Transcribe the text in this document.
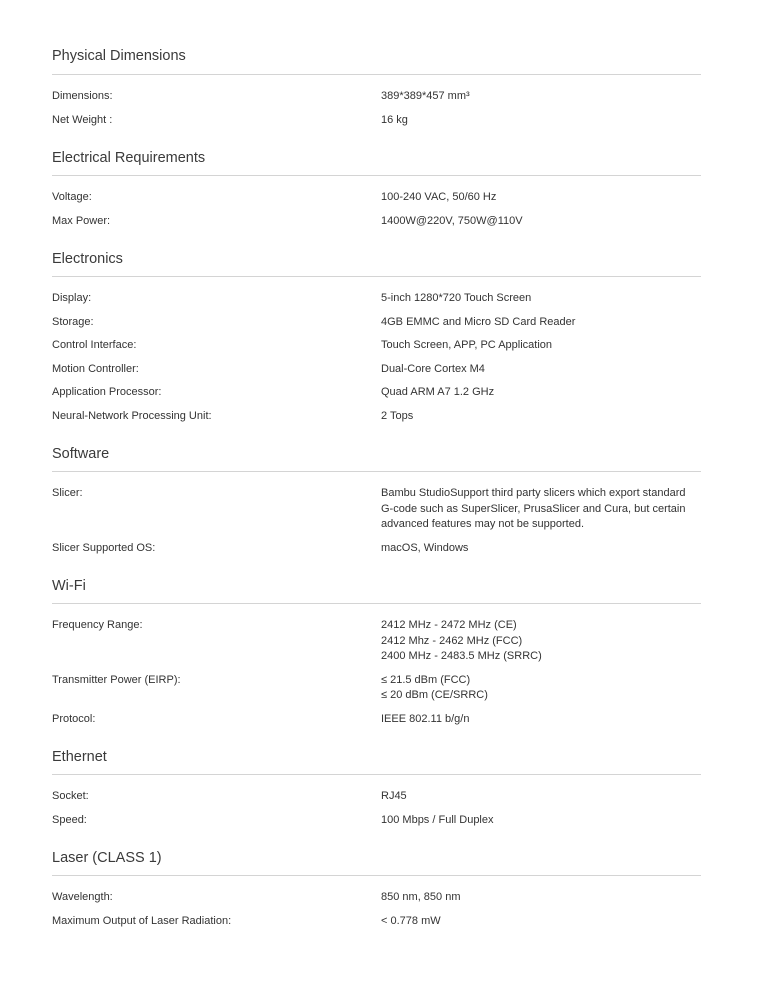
Physical Dimensions
Dimensions:	389*389*457 mm³
Net Weight :	16 kg
Electrical Requirements
Voltage:	100-240 VAC, 50/60 Hz
Max Power:	1400W@220V, 750W@110V
Electronics
Display:	5-inch 1280*720 Touch Screen
Storage:	4GB EMMC and Micro SD Card Reader
Control Interface:	Touch Screen, APP, PC Application
Motion Controller:	Dual-Core Cortex M4
Application Processor:	Quad ARM A7 1.2 GHz
Neural-Network Processing Unit:	2 Tops
Software
Slicer:	Bambu StudioSupport third party slicers which export standard
G-code such as SuperSlicer, PrusaSlicer and Cura, but certain
advanced features may not be supported.
Slicer Supported OS:	macOS, Windows
Wi-Fi
Frequency Range:	2412 MHz - 2472 MHz (CE)
2412 Mhz - 2462 MHz (FCC)
2400 MHz - 2483.5 MHz (SRRC)
Transmitter Power (EIRP):	≤ 21.5 dBm (FCC)
≤ 20 dBm (CE/SRRC)
Protocol:	IEEE 802.11 b/g/n
Ethernet
Socket:	RJ45
Speed:	100 Mbps / Full Duplex
Laser (CLASS 1)
Wavelength:	850 nm, 850 nm
Maximum Output of Laser Radiation:	< 0.778 mW
